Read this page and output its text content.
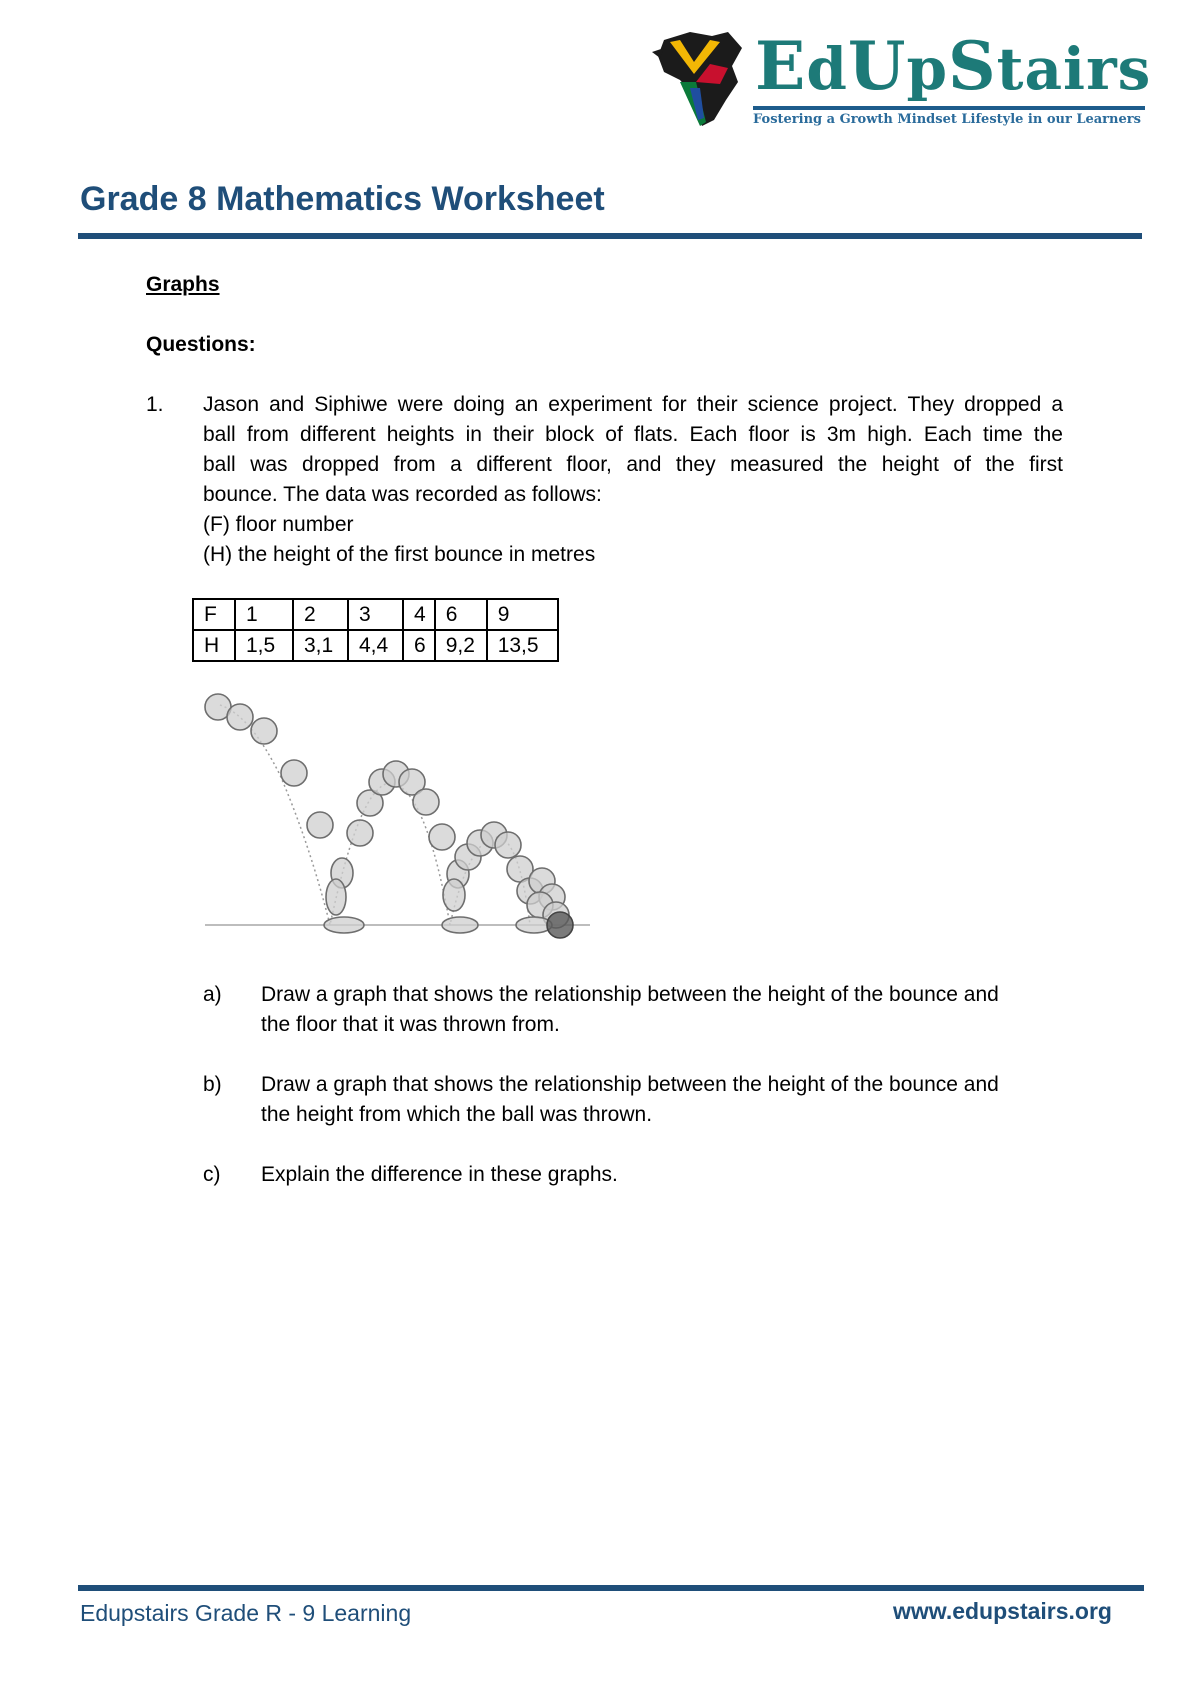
EdUpStairs
Fostering a Growth Mindset Lifestyle in our Learners
Grade 8 Mathematics Worksheet
Graphs
Questions:
1. Jason and Siphiwe were doing an experiment for their science project. They dropped a
ball from different heights in their block of flats. Each floor is 3m high. Each time the
ball was dropped from a different floor, and they measured the height of the first
bounce. The data was recorded as follows:
(F) floor number
(H) the height of the first bounce in metres
F	1	2	3	4	6	9
H	1,5	3,1	4,4	6	9,2	13,5
a) Draw a graph that shows the relationship between the height of the bounce and
the floor that it was thrown from.
b) Draw a graph that shows the relationship between the height of the bounce and
the height from which the ball was thrown.
c) Explain the difference in these graphs.
Edupstairs Grade R - 9 Learning	www.edupstairs.org
